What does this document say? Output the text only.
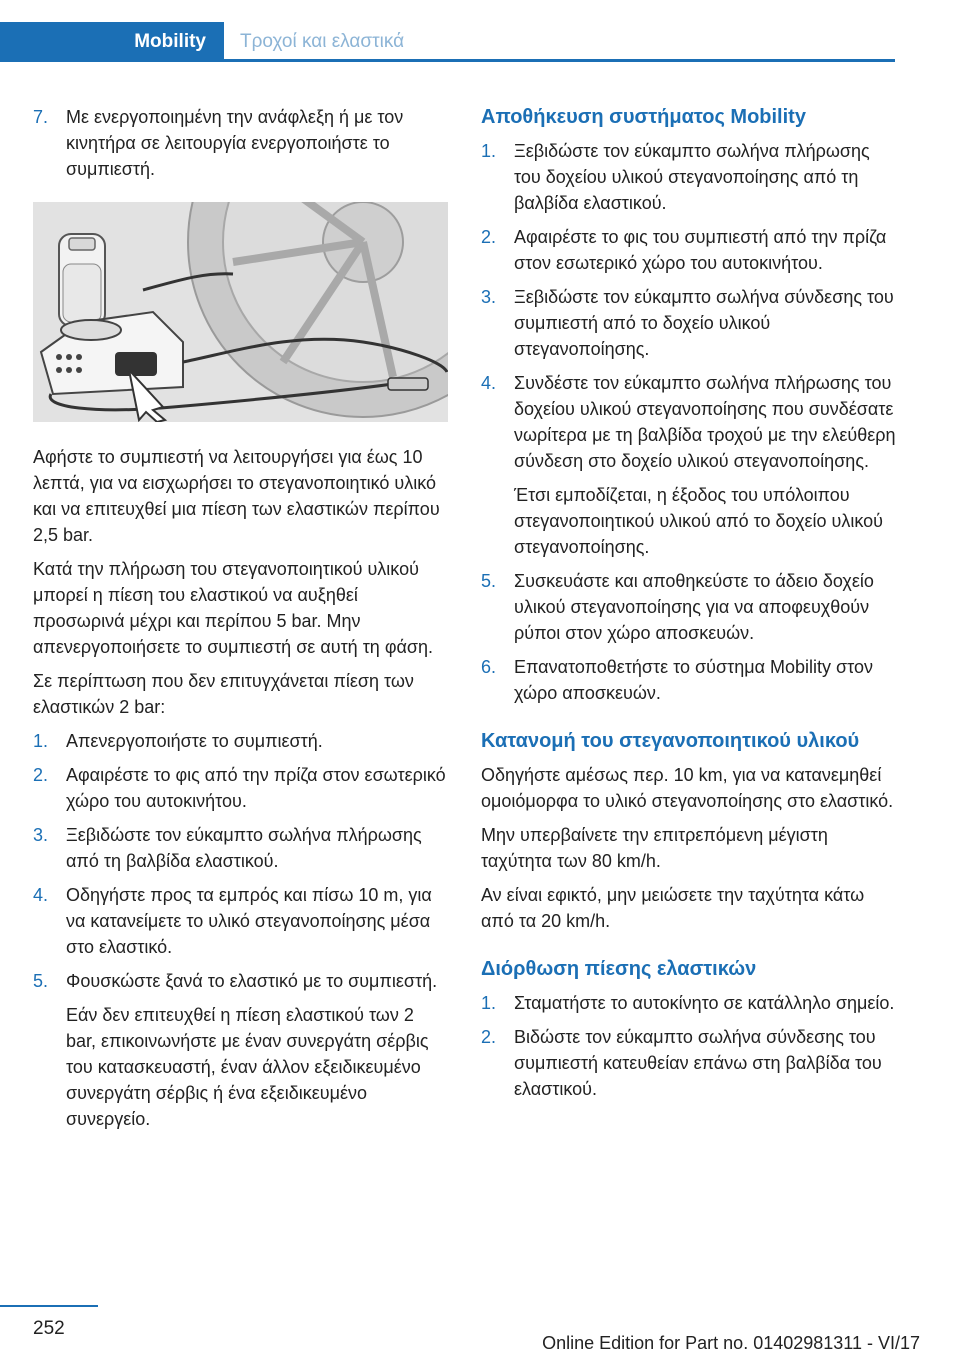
Mobility	Τροχοί και ελαστικά
7. Με ενεργοποιημένη την ανάφλεξη ή με τον κινητήρα σε λειτουργία ενεργοποιήστε το συμπιεστή.

Αφήστε το συμπιεστή να λειτουργήσει για έως 10 λεπτά, για να εισχωρήσει το στεγανοποιητικό υλικό και να επιτευχθεί μια πίεση των ελαστικών περίπου 2,5 bar.

Κατά την πλήρωση του στεγανοποιητικού υλικού μπορεί η πίεση του ελαστικού να αυξηθεί προσωρινά μέχρι και περίπου 5 bar. Μην απενεργοποιήσετε το συμπιεστή σε αυτή τη φάση.

Σε περίπτωση που δεν επιτυγχάνεται πίεση των ελαστικών 2 bar:

1. Απενεργοποιήστε το συμπιεστή.
2. Αφαιρέστε το φις από την πρίζα στον εσωτερικό χώρο του αυτοκινήτου.
3. Ξεβιδώστε τον εύκαμπτο σωλήνα πλήρωσης από τη βαλβίδα ελαστικού.
4. Οδηγήστε προς τα εμπρός και πίσω 10 m, για να κατανείμετε το υλικό στεγανοποίησης μέσα στο ελαστικό.
5. Φουσκώστε ξανά το ελαστικό με το συμπιεστή.
Εάν δεν επιτευχθεί η πίεση ελαστικού των 2 bar, επικοινωνήστε με έναν συνεργάτη σέρβις του κατασκευαστή, έναν άλλον εξειδικευμένο συνεργάτη σέρβις ή ένα εξειδικευμένο συνεργείο.
Αποθήκευση συστήματος Mobility
1. Ξεβιδώστε τον εύκαμπτο σωλήνα πλήρωσης του δοχείου υλικού στεγανοποίησης από τη βαλβίδα ελαστικού.
2. Αφαιρέστε το φις του συμπιεστή από την πρίζα στον εσωτερικό χώρο του αυτοκινήτου.
3. Ξεβιδώστε τον εύκαμπτο σωλήνα σύνδεσης του συμπιεστή από το δοχείο υλικού στεγανοποίησης.
4. Συνδέστε τον εύκαμπτο σωλήνα πλήρωσης του δοχείου υλικού στεγανοποίησης που συνδέσατε νωρίτερα με τη βαλβίδα τροχού με την ελεύθερη σύνδεση στο δοχείο υλικού στεγανοποίησης.
Έτσι εμποδίζεται, η έξοδος του υπόλοιπου στεγανοποιητικού υλικού από το δοχείο υλικού στεγανοποίησης.
5. Συσκευάστε και αποθηκεύστε το άδειο δοχείο υλικού στεγανοποίησης για να αποφευχθούν ρύποι στον χώρο αποσκευών.
6. Επανατοποθετήστε το σύστημα Mobility στον χώρο αποσκευών.
Κατανομή του στεγανοποιητικού υλικού

Οδηγήστε αμέσως περ. 10 km, για να κατανεμηθεί ομοιόμορφα το υλικό στεγανοποίησης στο ελαστικό.

Μην υπερβαίνετε την επιτρεπόμενη μέγιστη ταχύτητα των 80 km/h.

Αν είναι εφικτό, μην μειώσετε την ταχύτητα κάτω από τα 20 km/h.

Διόρθωση πίεσης ελαστικών
1. Σταματήστε το αυτοκίνητο σε κατάλληλο σημείο.
2. Βιδώστε τον εύκαμπτο σωλήνα σύνδεσης του συμπιεστή κατευθείαν επάνω στη βαλβίδα του ελαστικού.
252
Online Edition for Part no. 01402981311 - VI/17
